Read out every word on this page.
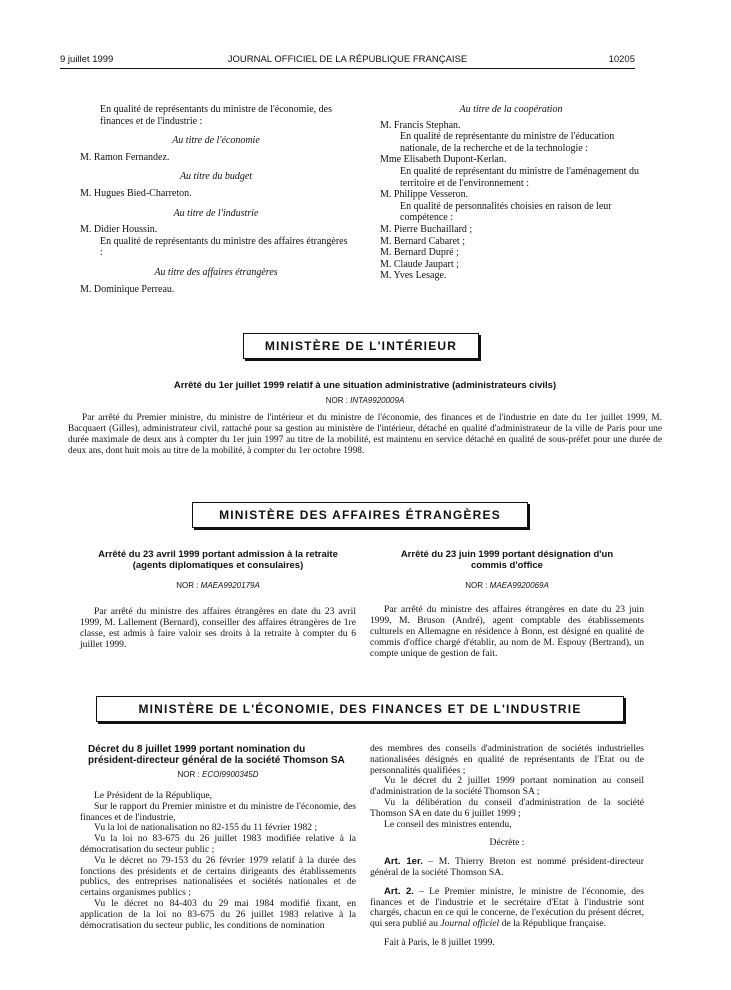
9 juillet 1999	JOURNAL OFFICIEL DE LA RÉPUBLIQUE FRANÇAISE	10205

En qualité de représentants du ministre de l'économie, des finances et de l'industrie :

Au titre de l'économie

M. Ramon Fernandez.

Au titre du budget

M. Hugues Bied-Charreton.

Au titre de l'industrie

M. Didier Houssin.

En qualité de représentants du ministre des affaires étrangères :

Au titre des affaires étrangères

M. Dominique Perreau.

Au titre de la coopération

M. Francis Stephan.

En qualité de représentante du ministre de l'éducation nationale, de la recherche et de la technologie :

Mme Elisabeth Dupont-Kerlan.

En qualité de représentant du ministre de l'aménagement du territoire et de l'environnement :

M. Philippe Vesseron.

En qualité de personnalités choisies en raison de leur compétence :

M. Pierre Buchaillard ;

M. Bernard Cabaret ;

M. Bernard Dupré ;

M. Claude Jaupart ;

M. Yves Lesage.

MINISTÈRE DE L'INTÉRIEUR
Arrêté du 1er juillet 1999 relatif à une situation administrative (administrateurs civils)
NOR : INTA9920009A

Par arrêté du Premier ministre, du ministre de l'intérieur et du ministre de l'économie, des finances et de l'industrie en date du 1er juillet 1999, M. Bacquaert (Gilles), administrateur civil, rattaché pour sa gestion au ministère de l'intérieur, détaché en qualité d'administrateur de la ville de Paris pour une durée maximale de deux ans à compter du 1er juin 1997 au titre de la mobilité, est maintenu en service détaché en qualité de sous-préfet pour une durée de deux ans, dont huit mois au titre de la mobilité, à compter du 1er octobre 1998.

MINISTÈRE DES AFFAIRES ÉTRANGÈRES
Arrêté du 23 avril 1999 portant admission à la retraite (agents diplomatiques et consulaires)
NOR : MAEA9920179A

Par arrêté du ministre des affaires étrangères en date du 23 avril 1999, M. Lallement (Bernard), conseiller des affaires étrangères de 1re classe, est admis à faire valoir ses droits à la retraite à compter du 6 juillet 1999.

Arrêté du 23 juin 1999 portant désignation d'un commis d'office
NOR : MAEA9920069A

Par arrêté du ministre des affaires étrangères en date du 23 juin 1999, M. Bruson (André), agent comptable des établissements culturels en Allemagne en résidence à Bonn, est désigné en qualité de commis d'office chargé d'établir, au nom de M. Espouy (Bertrand), un compte unique de gestion de fait.

MINISTÈRE DE L'ÉCONOMIE, DES FINANCES ET DE L'INDUSTRIE
Décret du 8 juillet 1999 portant nomination du président-directeur général de la société Thomson SA
NOR : ECOI9900345D

Le Président de la République,

Sur le rapport du Premier ministre et du ministre de l'économie, des finances et de l'industrie,

Vu la loi de nationalisation no 82-155 du 11 février 1982 ;

Vu la loi no 83-675 du 26 juillet 1983 modifiée relative à la démocratisation du secteur public ;

Vu le décret no 79-153 du 26 février 1979 relatif à la durée des fonctions des présidents et de certains dirigeants des établissements publics, des entreprises nationalisées et sociétés nationales et de certains organismes publics ;

Vu le décret no 84-403 du 29 mai 1984 modifié fixant, en application de la loi no 83-675 du 26 juillet 1983 relative à la démocratisation du secteur public, les conditions de nomination

des membres des conseils d'administration de sociétés industrielles nationalisées désignés en qualité de représentants de l'Etat ou de personnalités qualifiées ;

Vu le décret du 2 juillet 1999 portant nomination au conseil d'administration de la société Thomson SA ;

Vu la délibération du conseil d'administration de la société Thomson SA en date du 6 juillet 1999 ;

Le conseil des ministres entendu,

Décrète :

Art. 1er. – M. Thierry Breton est nommé président-directeur général de la société Thomson SA.

Art. 2. – Le Premier ministre, le ministre de l'économie, des finances et de l'industrie et le secrétaire d'Etat à l'industrie sont chargés, chacun en ce qui le concerne, de l'exécution du présent décret, qui sera publié au Journal officiel de la République française.

Fait à Paris, le 8 juillet 1999.
